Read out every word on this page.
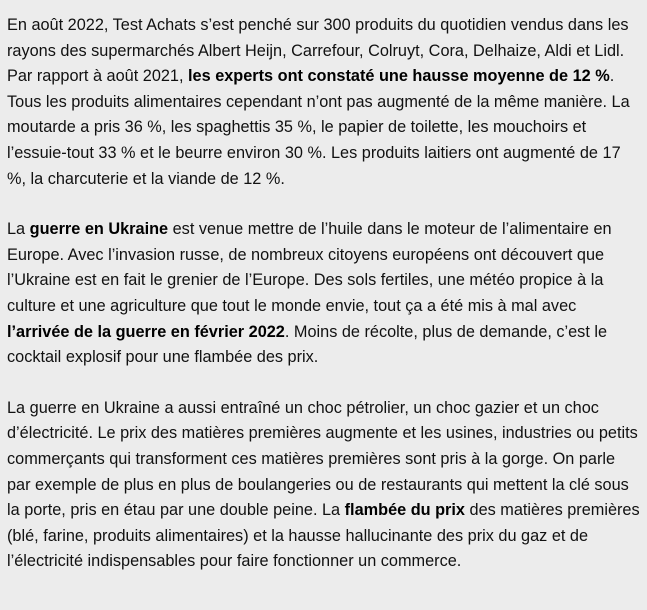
En août 2022, Test Achats s’est penché sur 300 produits du quotidien vendus dans les rayons des supermarchés Albert Heijn, Carrefour, Colruyt, Cora, Delhaize, Aldi et Lidl. Par rapport à août 2021, les experts ont constaté une hausse moyenne de 12 %. Tous les produits alimentaires cependant n’ont pas augmenté de la même manière. La moutarde a pris 36 %, les spaghettis 35 %, le papier de toilette, les mouchoirs et l’essuie-tout 33 % et le beurre environ 30 %. Les produits laitiers ont augmenté de 17 %, la charcuterie et la viande de 12 %.

La guerre en Ukraine est venue mettre de l’huile dans le moteur de l’alimentaire en Europe. Avec l’invasion russe, de nombreux citoyens européens ont découvert que l’Ukraine est en fait le grenier de l’Europe. Des sols fertiles, une météo propice à la culture et une agriculture que tout le monde envie, tout ça a été mis à mal avec l’arrivée de la guerre en février 2022. Moins de récolte, plus de demande, c’est le cocktail explosif pour une flambée des prix.

La guerre en Ukraine a aussi entraîné un choc pétrolier, un choc gazier et un choc d’électricité. Le prix des matières premières augmente et les usines, industries ou petits commerçants qui transforment ces matières premières sont pris à la gorge. On parle par exemple de plus en plus de boulangeries ou de restaurants qui mettent la clé sous la porte, pris en étau par une double peine. La flambée du prix des matières premières (blé, farine, produits alimentaires) et la hausse hallucinante des prix du gaz et de l’électricité indispensables pour faire fonctionner un commerce.
